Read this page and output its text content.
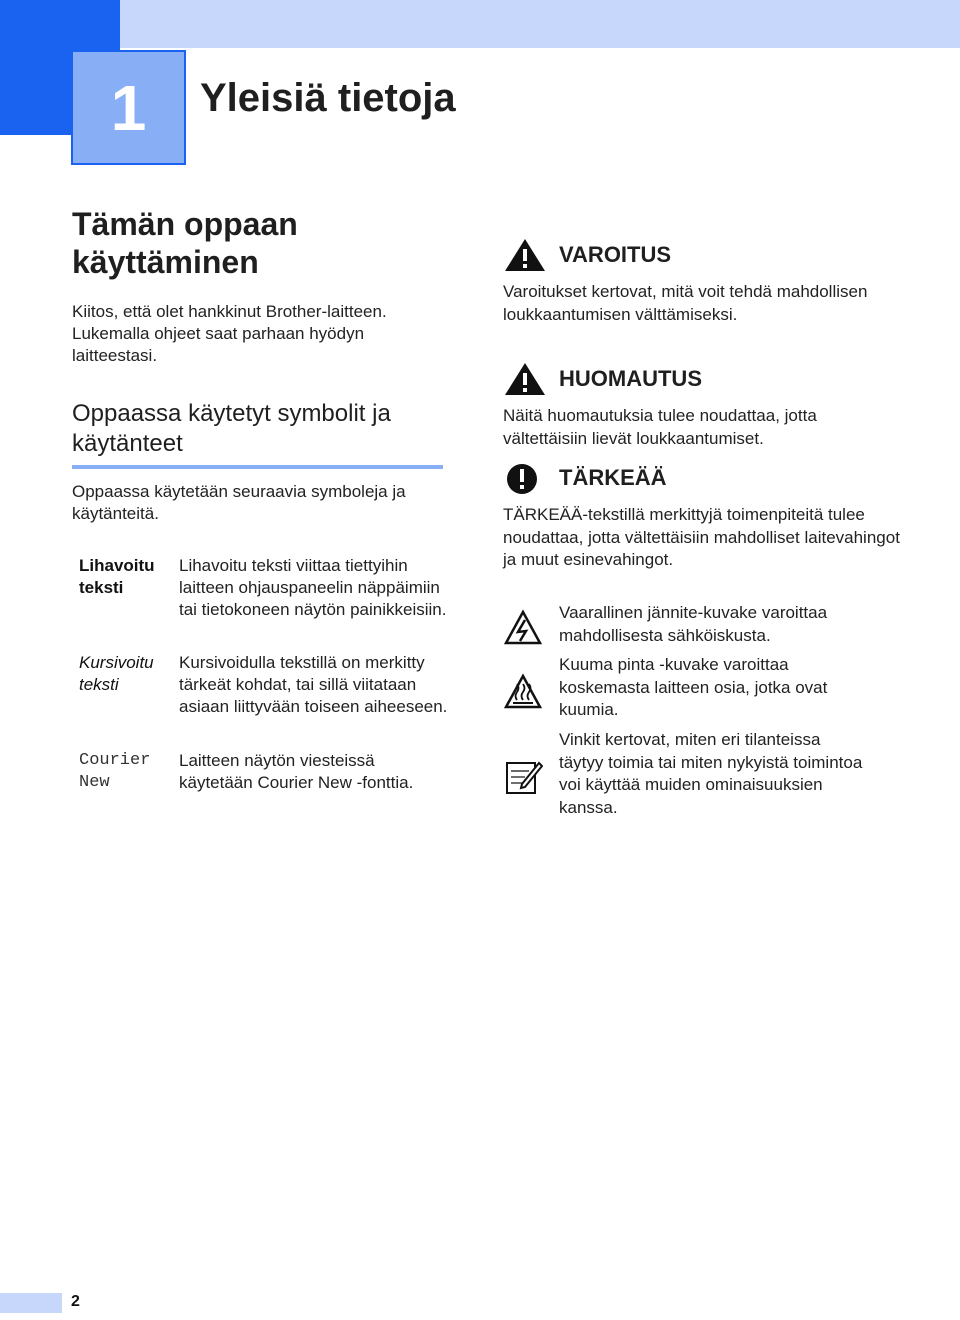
1	Yleisiä tietoja
Tämän oppaan käyttäminen

Kiitos, että olet hankkinut Brother-laitteen. Lukemalla ohjeet saat parhaan hyödyn laitteestasi.

Oppaassa käytetyt symbolit ja käytänteet

Oppaassa käytetään seuraavia symboleja ja käytänteitä.

Lihavoitu teksti
Lihavoitu teksti viittaa tiettyihin laitteen ohjauspaneelin näppäimiin tai tietokoneen näytön painikkeisiin.
Kursivoitu teksti
Kursivoidulla tekstillä on merkitty tärkeät kohdat, tai sillä viitataan asiaan liittyvään toiseen aiheeseen.
Courier New
Laitteen näytön viesteissä käytetään Courier New -fonttia.
VAROITUS
Varoitukset kertovat, mitä voit tehdä mahdollisen loukkaantumisen välttämiseksi.
HUOMAUTUS
Näitä huomautuksia tulee noudattaa, jotta vältettäisiin lievät loukkaantumiset.
TÄRKEÄÄ
TÄRKEÄÄ-tekstillä merkittyjä toimenpiteitä tulee noudattaa, jotta vältettäisiin mahdolliset laitevahingot ja muut esinevahingot.
Vaarallinen jännite-kuvake varoittaa mahdollisesta sähköiskusta.
Kuuma pinta -kuvake varoittaa koskemasta laitteen osia, jotka ovat kuumia.
Vinkit kertovat, miten eri tilanteissa täytyy toimia tai miten nykyistä toimintoa voi käyttää muiden ominaisuuksien kanssa.
2
